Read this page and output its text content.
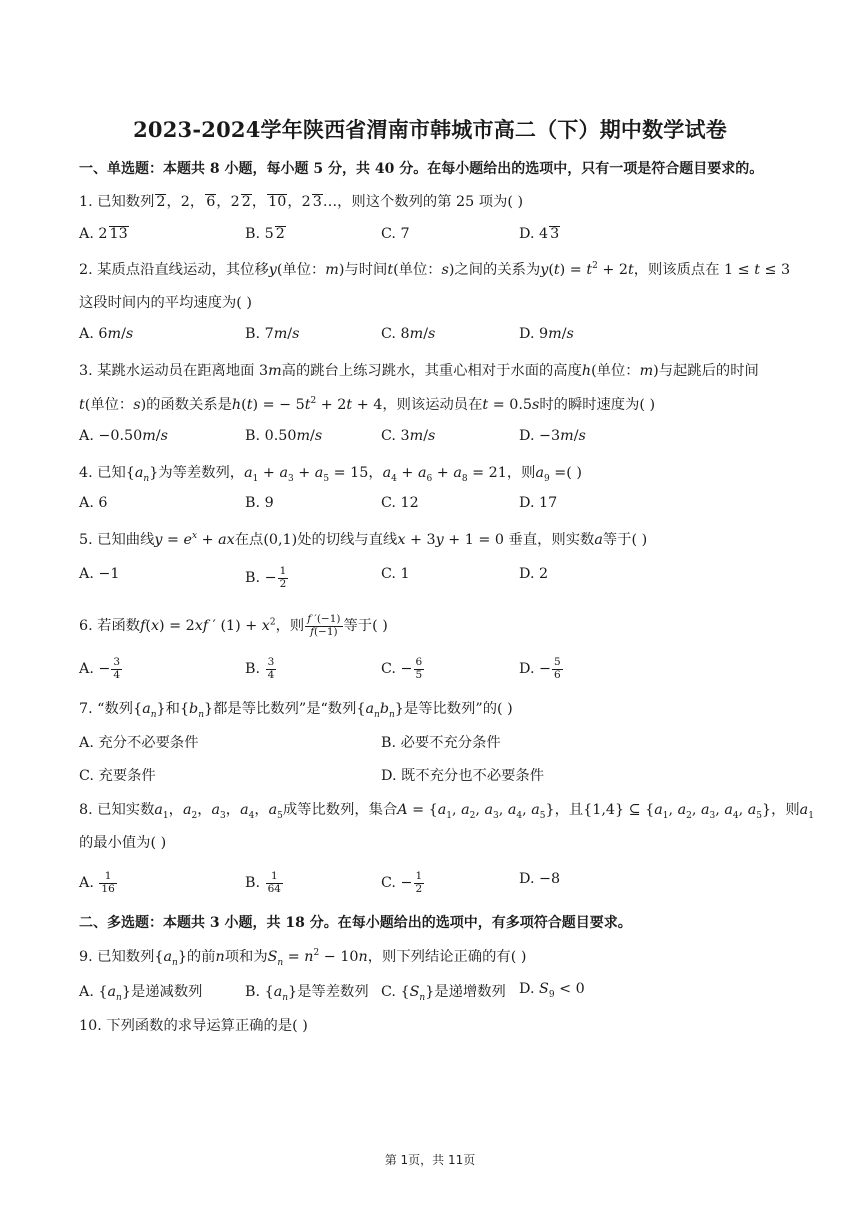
2023-2024学年陕西省渭南市韩城市高二（下）期中数学试卷
一、单选题：本题共 8 小题，每小题 5 分，共 40 分。在每小题给出的选项中，只有一项是符合题目要求的。
1. 已知数列 2，2， 6，2 2， 10，2 3…，则这个数列的第 25 项为( )
A. 2 13	B. 5 2	C. 7	D. 4 3
2. 某质点沿直线运动，其位移y(单位：m)与时间t(单位：s)之间的关系为$y(t) = t^2 + 2t$，则该质点在 1 ≤ t ≤ 3
这段时间内的平均速度为( )
A. 6m/s	B. 7m/s	C. 8m/s	D. 9m/s
3. 某跳水运动员在距离地面 3m高的跳台上练习跳水，其重心相对于水面的高度h(单位：m)与起跳后的时间
t(单位：s)的函数关系是h(t) = − $5t^2 + 2t + 4$，则该运动员在t = 0.5s时的瞬时速度为( )
A. −0.50m/s	B. 0.50m/s	C. 3m/s	D. −3m/s
4. 已知$\{a_n\}$为等差数列，$a_1 + a_3 + a_5 = 15$，$a_4 + a_6 + a_8 = 21$，则$a_9$ =( )
A. 6	B. 9	C. 12	D. 17
5. 已知曲线$y = e^x$ + ax在点(0,1)处的切线与直线x + 3y + 1 = 0 垂直，则实数a等于( )
A. −1	B. − $\frac{1}{2}$	C. 1	D. 2
6. 若函数f(x) = 2xf ′ $(1) + x^2$，则 $\frac{f '(-1)}{f(-1)}$ 等于( )
A. − $\frac{3}{4}$	B. $\frac{3}{4}$	C. − $\frac{6}{5}$	D. − $\frac{5}{6}$
7. “数列$\{a_n\}$和$\{b_n\}$都是等比数列”是“数列$\{a_nb_n\}$是等比数列”的( )
A. 充分不必要条件	B. 必要不充分条件
C. 充要条件	D. 既不充分也不必要条件
8. 已知实数$a_1$，$a_2$，$a_3$，$a_4$，$a_5$成等比数列，集合$A = \{a_1$, $a_2$, $a_3$, $a_4$, $a_5$}，且{1,4} ⊆ {$a_1$, $a_2$, $a_3$, $a_4$, $a_5$}，则$a_1$
的最小值为( )
A. $\frac{1}{16}$	B. $\frac{1}{64}$	C. − $\frac{1}{2}$	D. −8
二、多选题：本题共 3 小题，共 18 分。在每小题给出的选项中，有多项符合题目要求。
9. 已知数列$\{a_n\}$的前n项和为$S_n = n^2 - 10n$，则下列结论正确的有( )
A. $\{a_n\}$是递减数列	B. $\{a_n\}$是等差数列 C. $\{S_n\}$是递增数列 D. $S_9 < 0$
10. 下列函数的求导运算正确的是( )
第 1页，共 11页
